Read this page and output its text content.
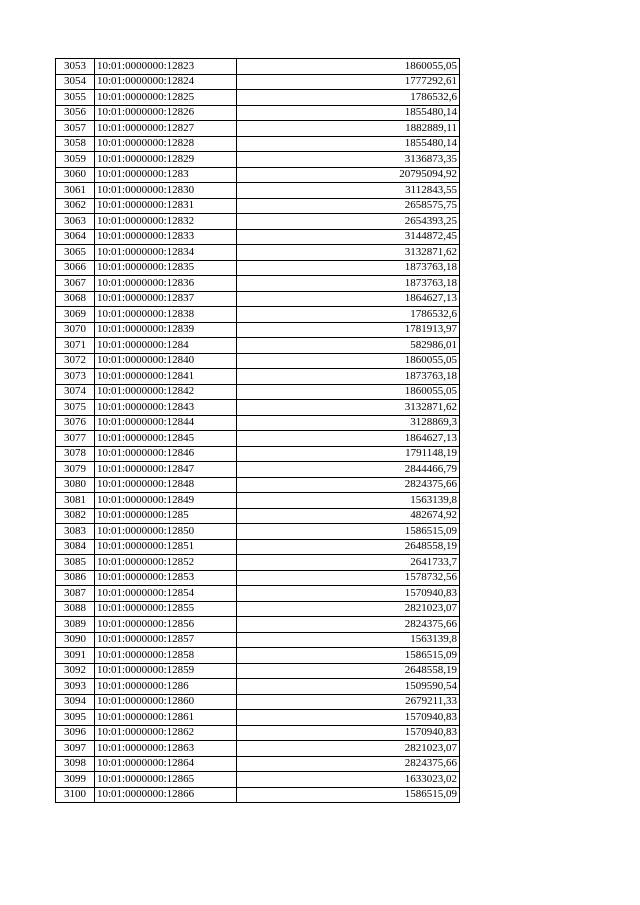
3053	10:01:0000000:12823	1860055,05
3054	10:01:0000000:12824	1777292,61
3055	10:01:0000000:12825	1786532,6
3056	10:01:0000000:12826	1855480,14
3057	10:01:0000000:12827	1882889,11
3058	10:01:0000000:12828	1855480,14
3059	10:01:0000000:12829	3136873,35
3060	10:01:0000000:1283	20795094,92
3061	10:01:0000000:12830	3112843,55
3062	10:01:0000000:12831	2658575,75
3063	10:01:0000000:12832	2654393,25
3064	10:01:0000000:12833	3144872,45
3065	10:01:0000000:12834	3132871,62
3066	10:01:0000000:12835	1873763,18
3067	10:01:0000000:12836	1873763,18
3068	10:01:0000000:12837	1864627,13
3069	10:01:0000000:12838	1786532,6
3070	10:01:0000000:12839	1781913,97
3071	10:01:0000000:1284	582986,01
3072	10:01:0000000:12840	1860055,05
3073	10:01:0000000:12841	1873763,18
3074	10:01:0000000:12842	1860055,05
3075	10:01:0000000:12843	3132871,62
3076	10:01:0000000:12844	3128869,3
3077	10:01:0000000:12845	1864627,13
3078	10:01:0000000:12846	1791148,19
3079	10:01:0000000:12847	2844466,79
3080	10:01:0000000:12848	2824375,66
3081	10:01:0000000:12849	1563139,8
3082	10:01:0000000:1285	482674,92
3083	10:01:0000000:12850	1586515,09
3084	10:01:0000000:12851	2648558,19
3085	10:01:0000000:12852	2641733,7
3086	10:01:0000000:12853	1578732,56
3087	10:01:0000000:12854	1570940,83
3088	10:01:0000000:12855	2821023,07
3089	10:01:0000000:12856	2824375,66
3090	10:01:0000000:12857	1563139,8
3091	10:01:0000000:12858	1586515,09
3092	10:01:0000000:12859	2648558,19
3093	10:01:0000000:1286	1509590,54
3094	10:01:0000000:12860	2679211,33
3095	10:01:0000000:12861	1570940,83
3096	10:01:0000000:12862	1570940,83
3097	10:01:0000000:12863	2821023,07
3098	10:01:0000000:12864	2824375,66
3099	10:01:0000000:12865	1633023,02
3100	10:01:0000000:12866	1586515,09
